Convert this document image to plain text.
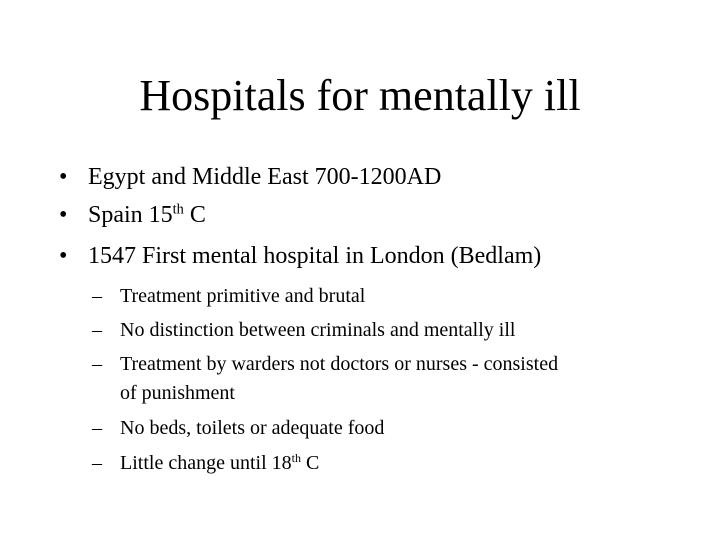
Hospitals for mentally ill
• Egypt and Middle East 700-1200AD
• Spain 15th C
• 1547 First mental hospital in London (Bedlam)
– Treatment primitive and brutal
– No distinction between criminals and mentally ill
– Treatment by warders not doctors or nurses - consisted
of punishment
– No beds, toilets or adequate food
– Little change until 18th C
